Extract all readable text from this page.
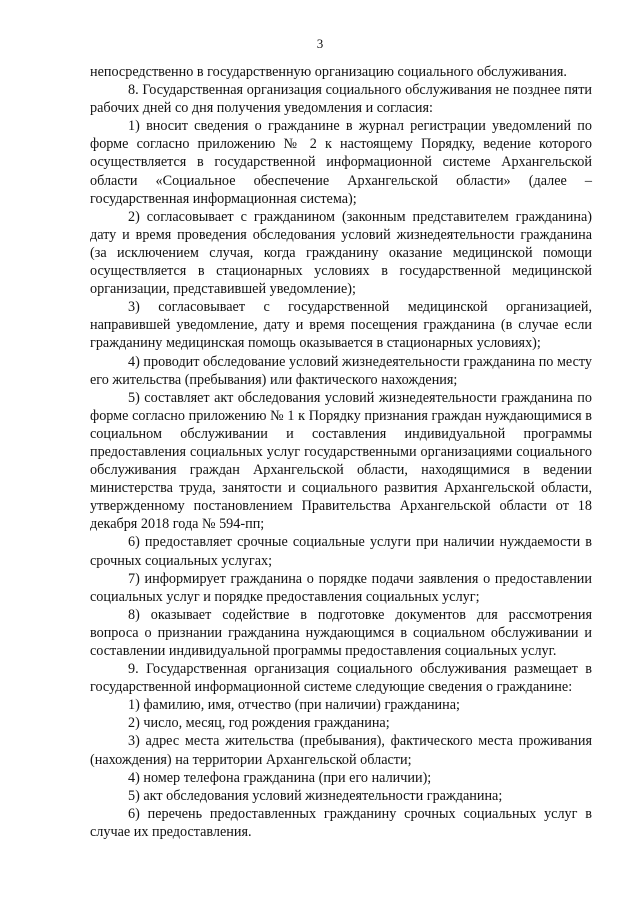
3

непосредственно в государственную организацию социального обслуживания.

8. Государственная организация социального обслуживания не позднее пяти рабочих дней со дня получения уведомления и согласия:

1) вносит сведения о гражданине в журнал регистрации уведомлений по форме согласно приложению № 2 к настоящему Порядку, ведение которого осуществляется в государственной информационной системе Архангельской области «Социальное обеспечение Архангельской области» (далее – государственная информационная система);

2) согласовывает с гражданином (законным представителем гражданина) дату и время проведения обследования условий жизнедеятельности гражданина (за исключением случая, когда гражданину оказание медицинской помощи осуществляется в стационарных условиях в государственной медицинской организации, представившей уведомление);

3) согласовывает с государственной медицинской организацией, направившей уведомление, дату и время посещения гражданина (в случае если гражданину медицинская помощь оказывается в стационарных условиях);

4) проводит обследование условий жизнедеятельности гражданина по месту его жительства (пребывания) или фактического нахождения;

5) составляет акт обследования условий жизнедеятельности гражданина по форме согласно приложению № 1 к Порядку признания граждан нуждающимися в социальном обслуживании и составления индивидуальной программы предоставления социальных услуг государственными организациями социального обслуживания граждан Архангельской области, находящимися в ведении министерства труда, занятости и социального развития Архангельской области, утвержденному постановлением Правительства Архангельской области от 18 декабря 2018 года № 594-пп;

6) предоставляет срочные социальные услуги при наличии нуждаемости в срочных социальных услугах;

7) информирует гражданина о порядке подачи заявления о предоставлении социальных услуг и порядке предоставления социальных услуг;

8) оказывает содействие в подготовке документов для рассмотрения вопроса о признании гражданина нуждающимся в социальном обслуживании и составлении индивидуальной программы предоставления социальных услуг.

9. Государственная организация социального обслуживания размещает в государственной информационной системе следующие сведения о гражданине:

1) фамилию, имя, отчество (при наличии) гражданина;

2) число, месяц, год рождения гражданина;

3) адрес места жительства (пребывания), фактического места проживания (нахождения) на территории Архангельской области;

4) номер телефона гражданина (при его наличии);

5) акт обследования условий жизнедеятельности гражданина;

6) перечень предоставленных гражданину срочных социальных услуг в случае их предоставления.
